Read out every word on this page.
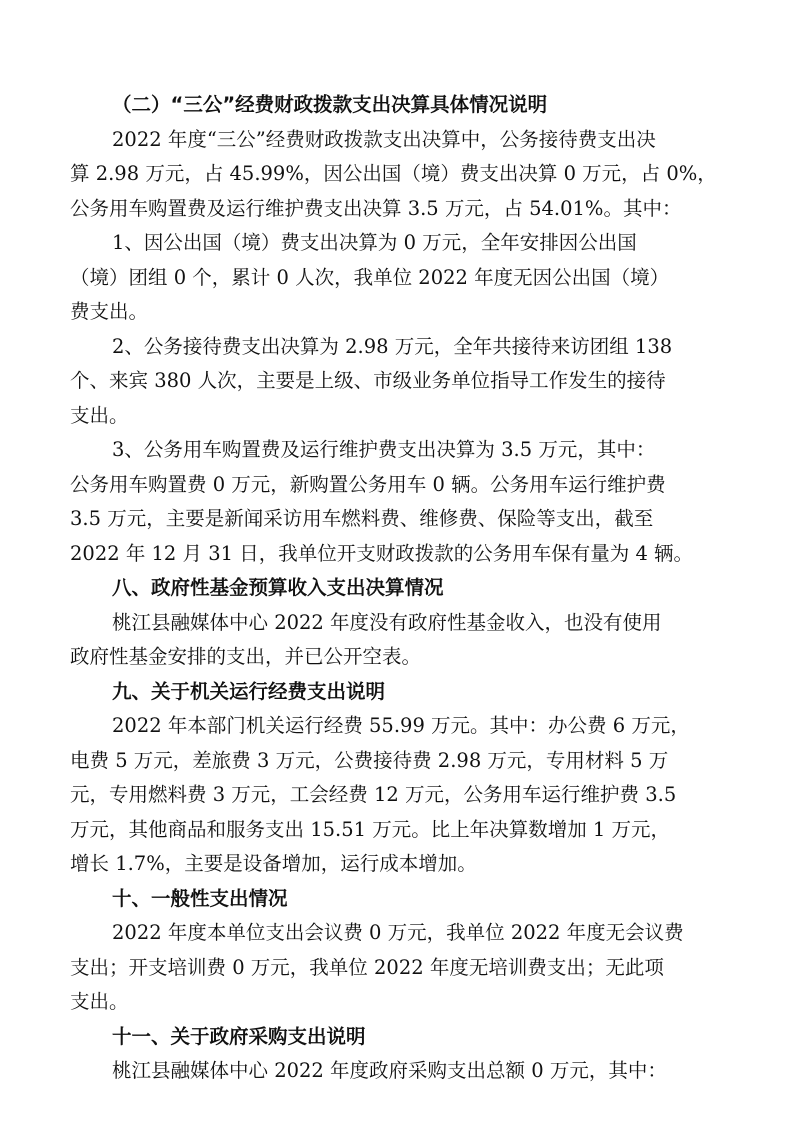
（二）“三公”经费财政拨款支出决算具体情况说明

2022 年度“三公”经费财政拨款支出决算中，公务接待费支出决
算 2.98 万元，占 45.99%，因公出国（境）费支出决算 0 万元，占 0%，
公务用车购置费及运行维护费支出决算 3.5 万元，占 54.01%。其中：

1、因公出国（境）费支出决算为 0 万元，全年安排因公出国
（境）团组 0 个，累计 0 人次，我单位 2022 年度无因公出国（境）
费支出。

2、公务接待费支出决算为 2.98 万元，全年共接待来访团组 138
个、来宾 380 人次，主要是上级、市级业务单位指导工作发生的接待
支出。

3、公务用车购置费及运行维护费支出决算为 3.5 万元，其中：
公务用车购置费 0 万元，新购置公务用车 0 辆。公务用车运行维护费
3.5 万元，主要是新闻采访用车燃料费、维修费、保险等支出，截至
2022 年 12 月 31 日，我单位开支财政拨款的公务用车保有量为 4 辆。

八、政府性基金预算收入支出决算情况

桃江县融媒体中心 2022 年度没有政府性基金收入，也没有使用
政府性基金安排的支出，并已公开空表。

九、关于机关运行经费支出说明

2022 年本部门机关运行经费 55.99 万元。其中：办公费 6 万元，
电费 5 万元，差旅费 3 万元，公费接待费 2.98 万元，专用材料 5 万
元，专用燃料费 3 万元，工会经费 12 万元，公务用车运行维护费 3.5
万元，其他商品和服务支出 15.51 万元。比上年决算数增加 1 万元，
增长 1.7%，主要是设备增加，运行成本增加。

十、一般性支出情况

2022 年度本单位支出会议费 0 万元，我单位 2022 年度无会议费
支出；开支培训费 0 万元，我单位 2022 年度无培训费支出；无此项
支出。

十一、关于政府采购支出说明

桃江县融媒体中心 2022 年度政府采购支出总额 0 万元，其中：
